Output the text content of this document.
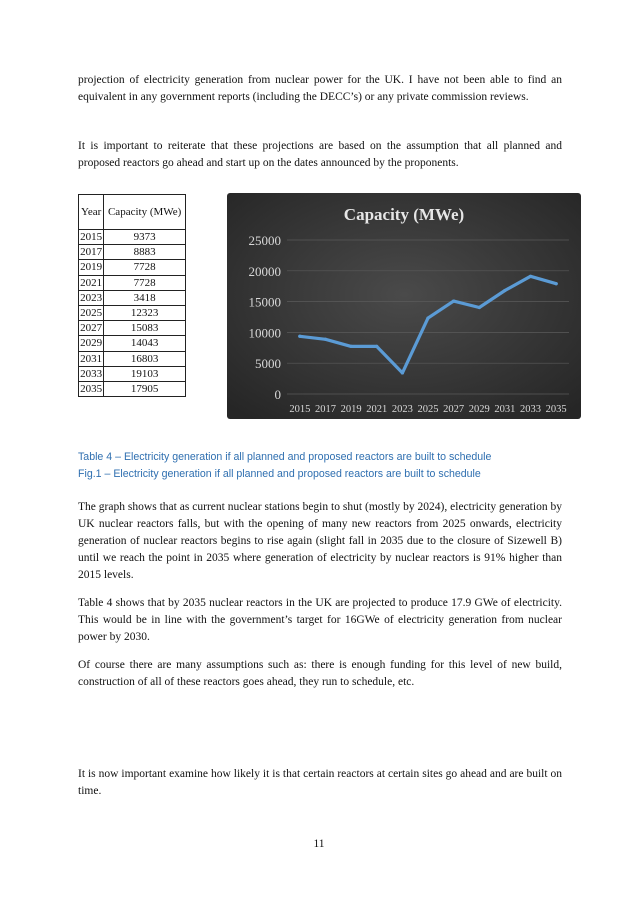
projection of electricity generation from nuclear power for the UK. I have not been able to find an equivalent in any government reports (including the DECC’s) or any private commission reviews.

It is important to reiterate that these projections are based on the assumption that all planned and proposed reactors go ahead and start up on the dates announced by the proponents.

Year	Capacity (MWe)
2015	9373
2017	8883
2019	7728
2021	7728
2023	3418
2025	12323
2027	15083
2029	14043
2031	16803
2033	19103
2035	17905
Capacity (MWe)
0
5000
10000
15000
20000
25000
2015 2017 2019 2021 2023 2025 2027 2029 2031 2033 2035

Table 4 – Electricity generation if all planned and proposed reactors are built to schedule

Fig.1 – Electricity generation if all planned and proposed reactors are built to schedule

The graph shows that as current nuclear stations begin to shut (mostly by 2024), electricity generation by UK nuclear reactors falls, but with the opening of many new reactors from 2025 onwards, electricity generation of nuclear reactors begins to rise again (slight fall in 2035 due to the closure of Sizewell B) until we reach the point in 2035 where generation of electricity by nuclear reactors is 91% higher than 2015 levels.

Table 4 shows that by 2035 nuclear reactors in the UK are projected to produce 17.9 GWe of electricity. This would be in line with the government’s target for 16GWe of electricity generation from nuclear power by 2030.

Of course there are many assumptions such as: there is enough funding for this level of new build, construction of all of these reactors goes ahead, they run to schedule, etc.

It is now important examine how likely it is that certain reactors at certain sites go ahead and are built on time.

11
